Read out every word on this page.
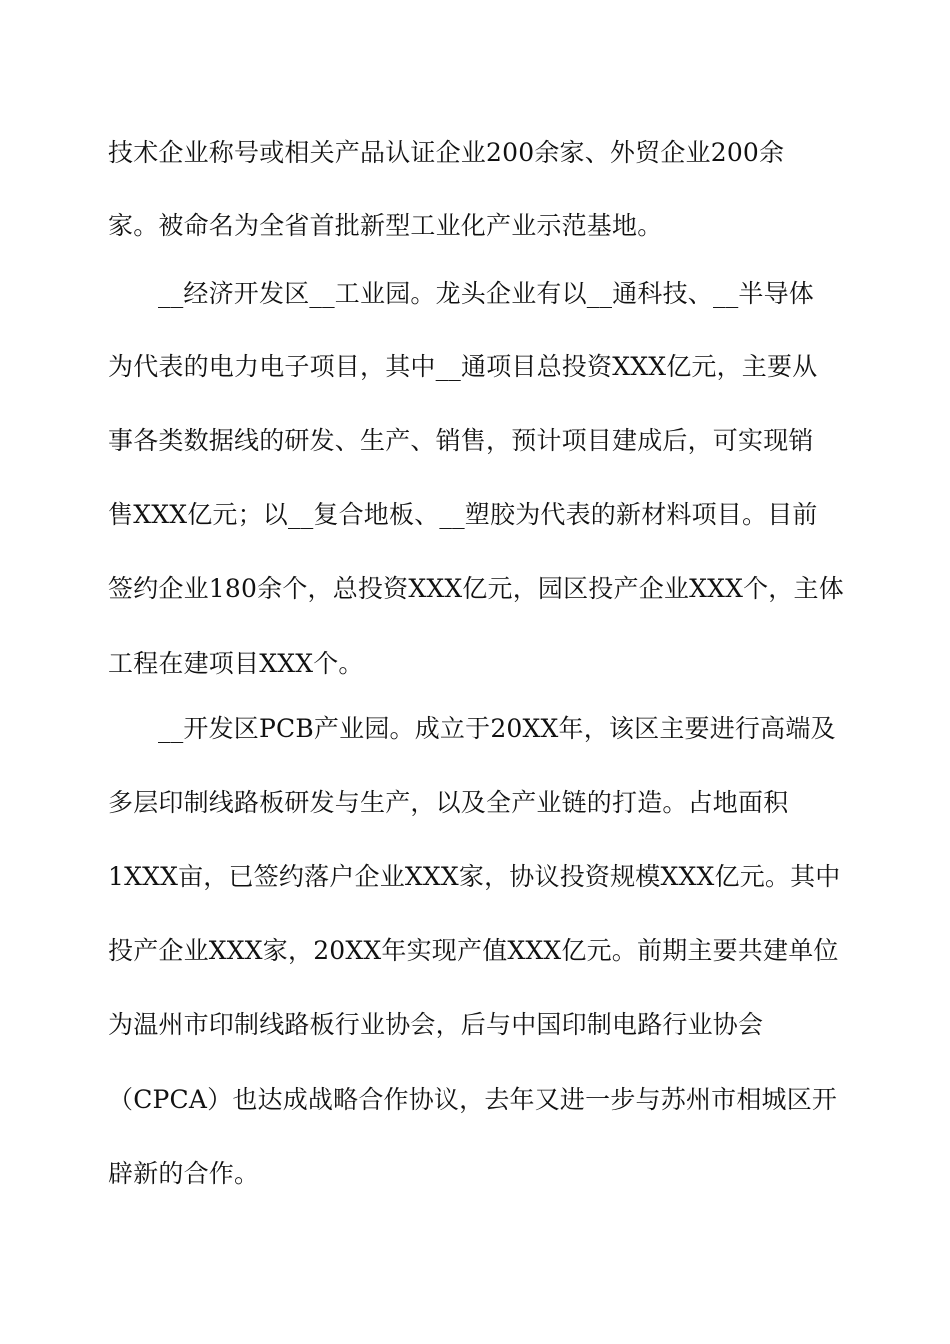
技术企业称号或相关产品认证企业200余家、外贸企业200余
家。被命名为全省首批新型工业化产业示范基地。
__经济开发区__工业园。龙头企业有以__通科技、__半导体
为代表的电力电子项目，其中__通项目总投资XXX亿元，主要从
事各类数据线的研发、生产、销售，预计项目建成后，可实现销
售XXX亿元；以__复合地板、__塑胶为代表的新材料项目。目前
签约企业180余个，总投资XXX亿元，园区投产企业XXX个，主体
工程在建项目XXX个。
__开发区PCB产业园。成立于20XX年，该区主要进行高端及
多层印制线路板研发与生产，以及全产业链的打造。占地面积
1XXX亩，已签约落户企业XXX家，协议投资规模XXX亿元。其中
投产企业XXX家，20XX年实现产值XXX亿元。前期主要共建单位
为温州市印制线路板行业协会，后与中国印制电路行业协会
（CPCA）也达成战略合作协议，去年又进一步与苏州市相城区开
辟新的合作。
